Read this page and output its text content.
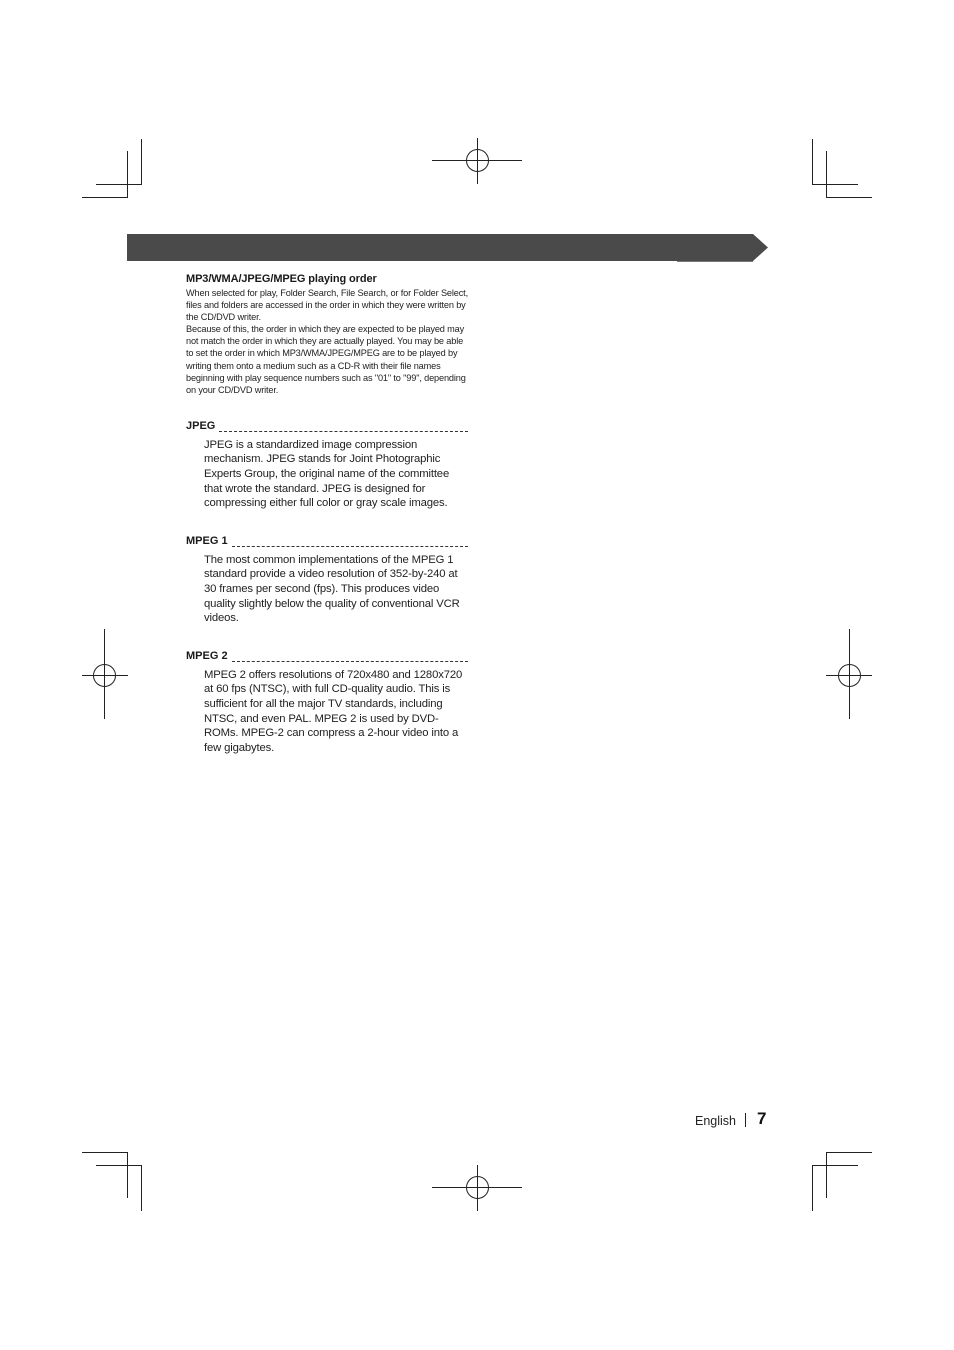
MP3/WMA/JPEG/MPEG playing order

When selected for play, Folder Search, File Search, or for Folder Select, files and folders are accessed in the order in which they were written by the CD/DVD writer.

Because of this, the order in which they are expected to be played may not match the order in which they are actually played. You may be able to set the order in which MP3/WMA/JPEG/MPEG are to be played by writing them onto a medium such as a CD-R with their file names beginning with play sequence numbers such as "01" to "99", depending on your CD/DVD writer.

JPEG
JPEG is a standardized image compression mechanism. JPEG stands for Joint Photographic Experts Group, the original name of the committee that wrote the standard. JPEG is designed for compressing either full color or gray scale images.
MPEG 1
The most common implementations of the MPEG 1 standard provide a video resolution of 352-by-240 at 30 frames per second (fps). This produces video quality slightly below the quality of conventional VCR videos.
MPEG 2
MPEG 2 offers resolutions of 720x480 and 1280x720 at 60 fps (NTSC), with full CD-quality audio. This is sufficient for all the major TV standards, including NTSC, and even PAL. MPEG 2 is used by DVD-ROMs. MPEG-2 can compress a 2-hour video into a few gigabytes.
English 7
